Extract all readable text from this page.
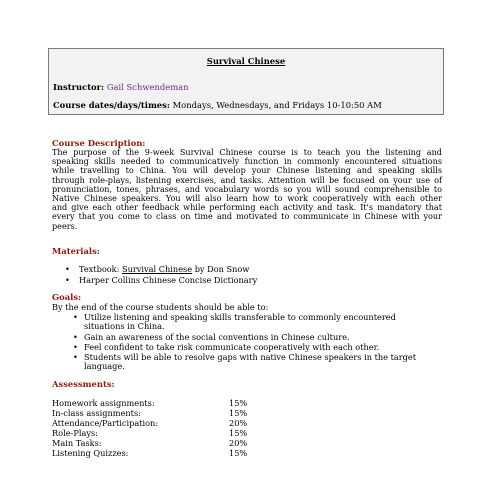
Survival Chinese
Instructor: Gail Schwendeman
Course dates/days/times: Mondays, Wednesdays, and Fridays 10-10:50 AM
Course Description:
The purpose of the 9-week Survival Chinese course is to teach you the listening and
speaking skills needed to communicatively function in commonly encountered situations
while travelling to China. You will develop your Chinese listening and speaking skills
through role-plays, listening exercises, and tasks. Attention will be focused on your use of
pronunciation, tones, phrases, and vocabulary words so you will sound comprehensible to
Native Chinese speakers. You will also learn how to work cooperatively with each other
and give each other feedback while performing each activity and task. It's mandatory that
every that you come to class on time and motivated to communicate in Chinese with your
peers.
Materials:
• Textbook: Survival Chinese by Don Snow
• Harper Collins Chinese Concise Dictionary
Goals:
By the end of the course students should be able to:
• Utilize listening and speaking skills transferable to commonly encountered
situations in China.
• Gain an awareness of the social conventions in Chinese culture.
• Feel confident to take risk communicate cooperatively with each other.
• Students will be able to resolve gaps with native Chinese speakers in the target
language.
Assessments:
Homework assignments:	15%
In-class assignments:	15%
Attendance/Participation:	20%
Role-Plays:	15%
Main Tasks:	20%
Listening Quizzes:	15%
